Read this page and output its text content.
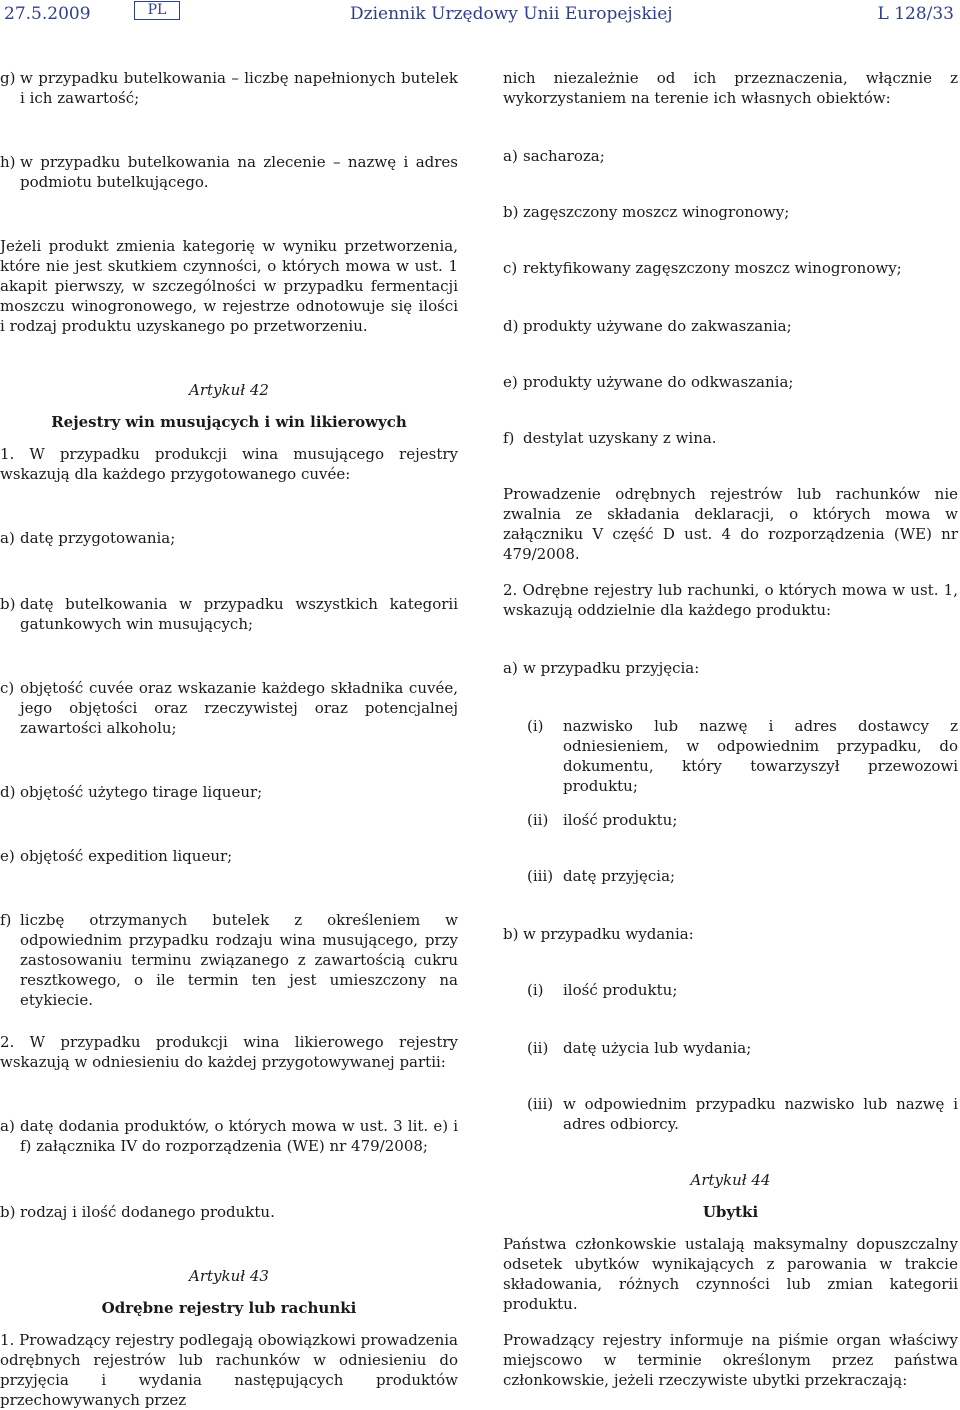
27.5.2009	PL	Dziennik Urzędowy Unii Europejskiej	L 128/33
g) w przypadku butelkowania – liczbę napełnionych butelek i ich zawartość;
h) w przypadku butelkowania na zlecenie – nazwę i adres podmiotu butelkującego.

Jeżeli produkt zmienia kategorię w wyniku przetworzenia, które nie jest skutkiem czynności, o których mowa w ust. 1 akapit pierwszy, w szczególności w przypadku fermentacji moszczu winogronowego, w rejestrze odnotowuje się ilości i rodzaj produktu uzyskanego po przetworzeniu.

Artykuł 42

Rejestry win musujących i win likierowych

1. W przypadku produkcji wina musującego rejestry wskazują dla każdego przygotowanego cuvée:

a) datę przygotowania;
b) datę butelkowania w przypadku wszystkich kategorii gatunkowych win musujących;
c) objętość cuvée oraz wskazanie każdego składnika cuvée, jego objętości oraz rzeczywistej oraz potencjalnej zawartości alkoholu;
d) objętość użytego tirage liqueur;
e) objętość expedition liqueur;
f) liczbę otrzymanych butelek z określeniem w odpowiednim przypadku rodzaju wina musującego, przy zastosowaniu terminu związanego z zawartością cukru resztkowego, o ile termin ten jest umieszczony na etykiecie.

2. W przypadku produkcji wina likierowego rejestry wskazują w odniesieniu do każdej przygotowywanej partii:

a) datę dodania produktów, o których mowa w ust. 3 lit. e) i f) załącznika IV do rozporządzenia (WE) nr 479/2008;
b) rodzaj i ilość dodanego produktu.

Artykuł 43

Odrębne rejestry lub rachunki

1. Prowadzący rejestry podlegają obowiązkowi prowadzenia odrębnych rejestrów lub rachunków w odniesieniu do przyjęcia i wydania następujących produktów przechowywanych przez

nich niezależnie od ich przeznaczenia, włącznie z wykorzystaniem na terenie ich własnych obiektów:

a) sacharoza;
b) zagęszczony moszcz winogronowy;
c) rektyfikowany zagęszczony moszcz winogronowy;
d) produkty używane do zakwaszania;
e) produkty używane do odkwaszania;
f) destylat uzyskany z wina.

Prowadzenie odrębnych rejestrów lub rachunków nie zwalnia ze składania deklaracji, o których mowa w załączniku V część D ust. 4 do rozporządzenia (WE) nr 479/2008.

2. Odrębne rejestry lub rachunki, o których mowa w ust. 1, wskazują oddzielnie dla każdego produktu:

a) w przypadku przyjęcia:
(i)	nazwisko lub nazwę i adres dostawcy z odniesieniem, w odpowiednim przypadku, do dokumentu, który towarzyszył przewozowi produktu;
(ii) ilość produktu;
(iii) datę przyjęcia;
b) w przypadku wydania:
(i)	ilość produktu;
(ii) datę użycia lub wydania;
(iii) w odpowiednim przypadku nazwisko lub nazwę i adres odbiorcy.

Artykuł 44

Ubytki

Państwa członkowskie ustalają maksymalny dopuszczalny odsetek ubytków wynikających z parowania w trakcie składowania, różnych czynności lub zmian kategorii produktu.

Prowadzący rejestry informuje na piśmie organ właściwy miejscowo w terminie określonym przez państwa członkowskie, jeżeli rzeczywiste ubytki przekraczają:
